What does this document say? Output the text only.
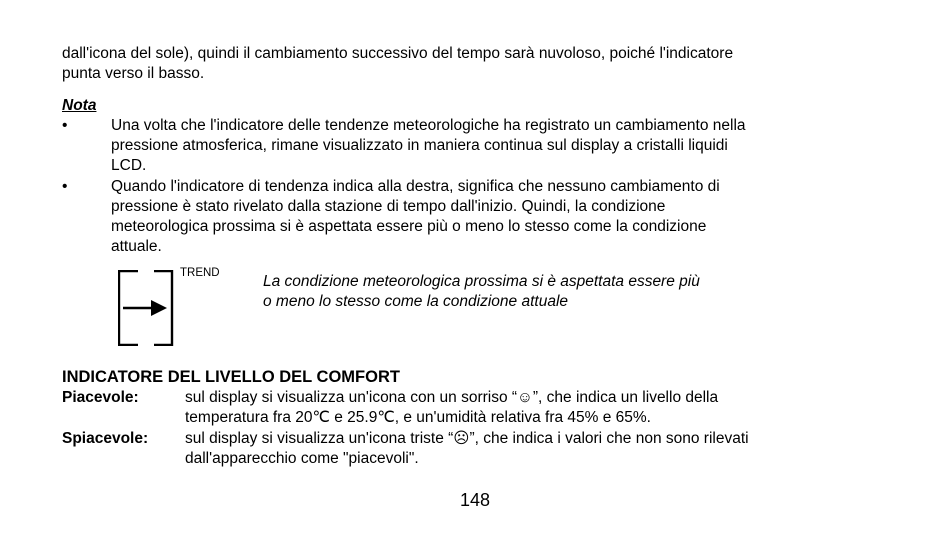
dall'icona del sole), quindi il cambiamento successivo del tempo sarà nuvoloso, poiché l'indicatore
punta verso il basso.
Nota
•	Una volta che l'indicatore delle tendenze meteorologiche ha registrato un cambiamento nella
pressione atmosferica, rimane visualizzato in maniera continua sul display a cristalli liquidi
LCD.
•	Quando l'indicatore di tendenza indica alla destra, significa che nessuno cambiamento di
pressione è stato rivelato dalla stazione di tempo dall'inizio. Quindi, la condizione
meteorologica prossima si è aspettata essere più o meno lo stesso come la condizione
attuale.
TREND	La condizione meteorologica prossima si è aspettata essere più
o meno lo stesso come la condizione attuale
INDICATORE DEL LIVELLO DEL COMFORT
Piacevole:	sul display si visualizza un'icona con un sorriso “☺”, che indica un livello della
temperatura fra 20℃ e 25.9℃, e un'umidità relativa fra 45% e 65%.
Spiacevole: sul display si visualizza un'icona triste “☹”, che indica i valori che non sono rilevati
dall'apparecchio come "piacevoli".
148
